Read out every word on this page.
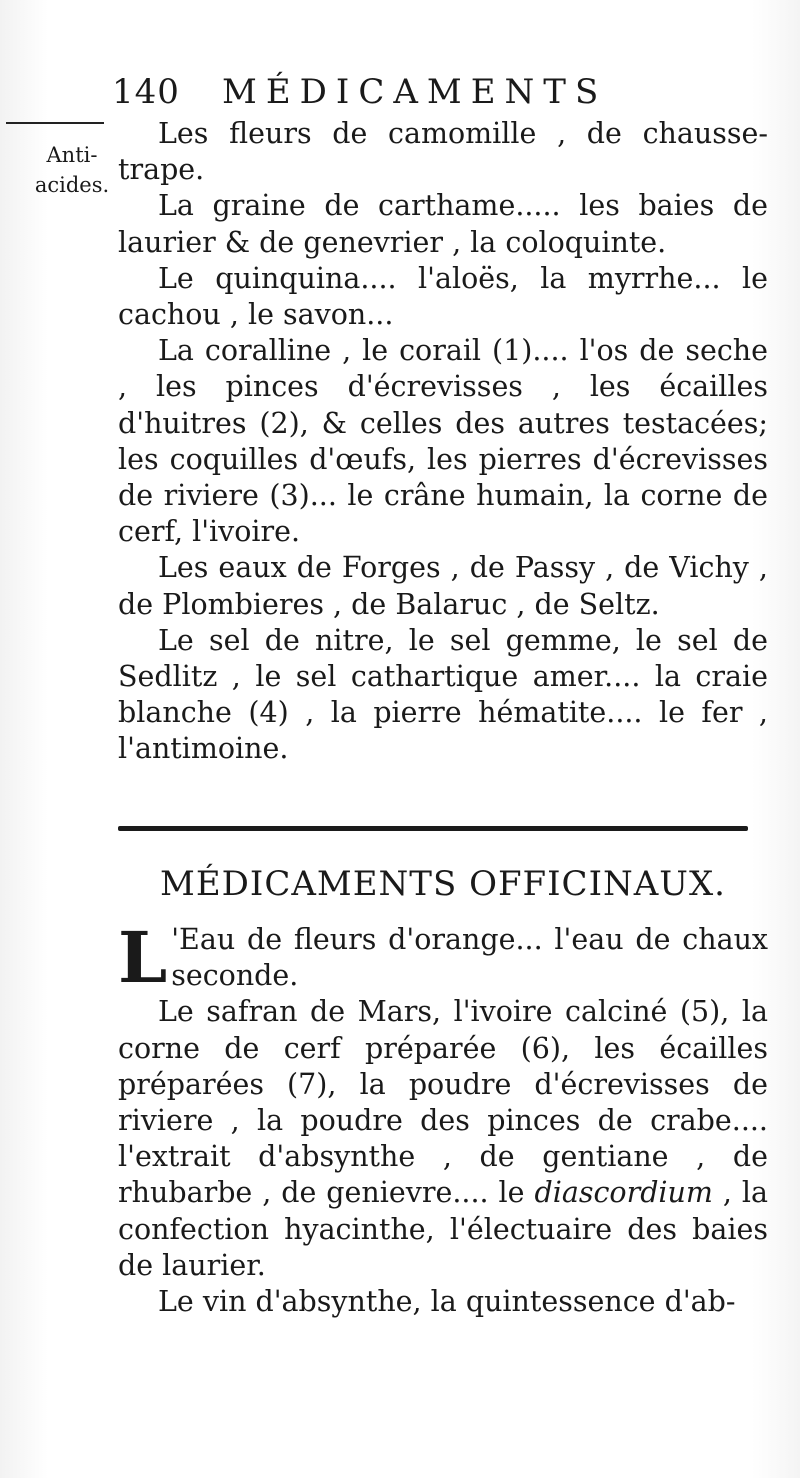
140 MÉDICAMENTS
Anti-
acides.

Les fleurs de camomille , de chausse-trape.

La graine de carthame..... les baies de laurier & de genevrier , la coloquinte.

Le quinquina.... l'aloës, la myrrhe... le cachou , le savon...

La coralline , le corail (1).... l'os de seche , les pinces d'écrevisses , les écailles d'huitres (2), & celles des autres testacées; les coquilles d'œufs, les pierres d'écrevisses de riviere (3)... le crâne humain, la corne de cerf, l'ivoire.

Les eaux de Forges , de Passy , de Vichy , de Plombieres , de Balaruc , de Seltz.

Le sel de nitre, le sel gemme, le sel de Sedlitz , le sel cathartique amer.... la craie blanche (4) , la pierre hématite.... le fer , l'antimoine.

MÉDICAMENTS OFFICINAUX.

L 'Eau de fleurs d'orange... l'eau de chaux seconde.

Le safran de Mars, l'ivoire calciné (5), la corne de cerf préparée (6), les écailles préparées (7), la poudre d'écrevisses de riviere , la poudre des pinces de crabe.... l'extrait d'absynthe , de gentiane , de rhubarbe , de genievre.... le diascordium , la confection hyacinthe, l'électuaire des baies de laurier.

Le vin d'absynthe, la quintessence d'ab-
